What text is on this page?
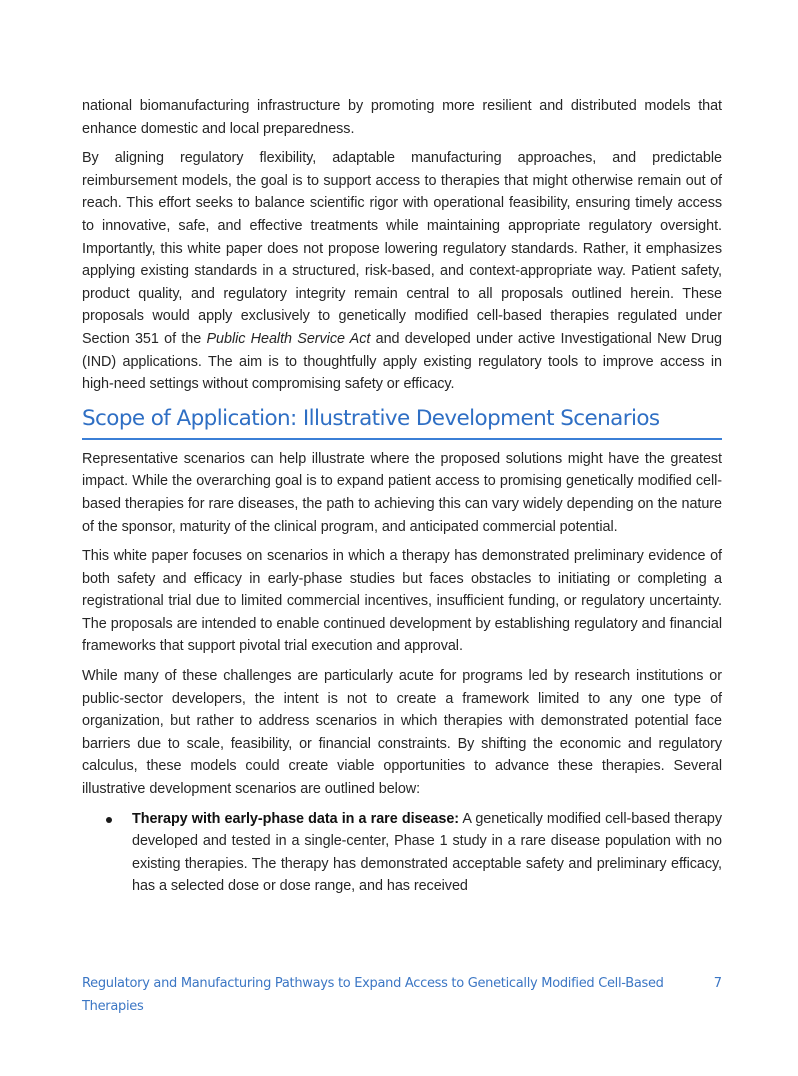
national biomanufacturing infrastructure by promoting more resilient and distributed models that enhance domestic and local preparedness.

By aligning regulatory flexibility, adaptable manufacturing approaches, and predictable reimbursement models, the goal is to support access to therapies that might otherwise remain out of reach. This effort seeks to balance scientific rigor with operational feasibility, ensuring timely access to innovative, safe, and effective treatments while maintaining appropriate regulatory oversight. Importantly, this white paper does not propose lowering regulatory standards. Rather, it emphasizes applying existing standards in a structured, risk-based, and context-appropriate way. Patient safety, product quality, and regulatory integrity remain central to all proposals outlined herein. These proposals would apply exclusively to genetically modified cell-based therapies regulated under Section 351 of the Public Health Service Act and developed under active Investigational New Drug (IND) applications. The aim is to thoughtfully apply existing regulatory tools to improve access in high-need settings without compromising safety or efficacy.

Scope of Application: Illustrative Development Scenarios

Representative scenarios can help illustrate where the proposed solutions might have the greatest impact. While the overarching goal is to expand patient access to promising genetically modified cell-based therapies for rare diseases, the path to achieving this can vary widely depending on the nature of the sponsor, maturity of the clinical program, and anticipated commercial potential.

This white paper focuses on scenarios in which a therapy has demonstrated preliminary evidence of both safety and efficacy in early-phase studies but faces obstacles to initiating or completing a registrational trial due to limited commercial incentives, insufficient funding, or regulatory uncertainty. The proposals are intended to enable continued development by establishing regulatory and financial frameworks that support pivotal trial execution and approval.

While many of these challenges are particularly acute for programs led by research institutions or public-sector developers, the intent is not to create a framework limited to any one type of organization, but rather to address scenarios in which therapies with demonstrated potential face barriers due to scale, feasibility, or financial constraints. By shifting the economic and regulatory calculus, these models could create viable opportunities to advance these therapies. Several illustrative development scenarios are outlined below:

Therapy with early-phase data in a rare disease: A genetically modified cell-based therapy developed and tested in a single-center, Phase 1 study in a rare disease population with no existing therapies. The therapy has demonstrated acceptable safety and preliminary efficacy, has a selected dose or dose range, and has received

Regulatory and Manufacturing Pathways to Expand Access to Genetically Modified Cell-Based Therapies
7
